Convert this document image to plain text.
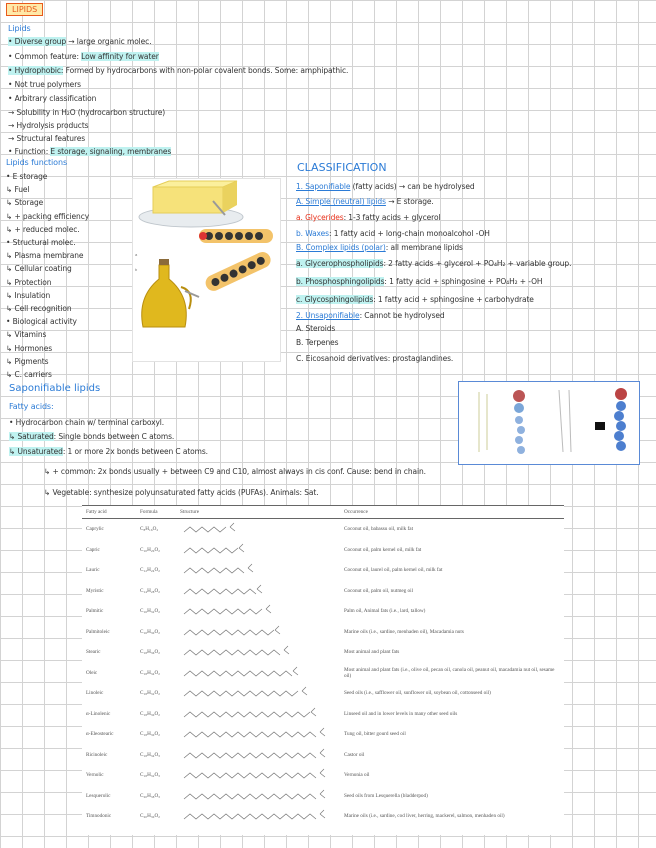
LIPIDS
Lipids
• Diverse group → large organic molec.
• Common feature: Low affinity for water
• Hydrophobic: Formed by hydrocarbons with non-polar covalent bonds. Some: amphipathic.
• Not true polymers
• Arbitrary classification
→ Solubility in H₂O (hydrocarbon structure)
→ Hydrolysis products
→ Structural features
• Function: E storage, signaling, membranes
Lipids functions
• E storage
↳ Fuel
↳ Storage
↳ + packing efficiency
↳ + reduced molec.
• Structural molec.
↳ Plasma membrane
↳ Cellular coating
↳ Protection
↳ Insulation
↳ Cell recognition
• Biological activity
↳ Vitamins
↳ Hormones
↳ Pigments
↳ C. carriers
a
b
CLASSIFICATION
1. Saponifiable (fatty acids) → can be hydrolysed
A. Simple (neutral) lipids → E storage.
a. Glycerides: 1-3 fatty acids + glycerol
b. Waxes: 1 fatty acid + long-chain monoalcohol -OH
B. Complex lipids (polar): all membrane lipids
a. Glycerophospholipids: 2 fatty acids + glycerol + PO₄H₂ + variable group.
b. Phosphosphingolipids: 1 fatty acid + sphingosine + PO₄H₂ + -OH
c. Glycosphingolipids: 1 fatty acid + sphingosine + carbohydrate
2. Unsaponifiable: Cannot be hydrolysed
A. Steroids
B. Terpenes
C. Eicosanoid derivatives: prostaglandines.
Saponifiable lipids
Fatty acids:
• Hydrocarbon chain w/ terminal carboxyl.
↳ Saturated: Single bonds between C atoms.
↳ Unsaturated: 1 or more 2x bonds between C atoms.
↳ + common: 2x bonds usually + between C9 and C10, almost always in cis conf. Cause: bend in chain.
↳ Vegetable: synthesize polyunsaturated fatty acids (PUFAs). Animals: Sat.
Fatty acid	Formula	Structure	Occurrence
Caprylic	C₈H₁₆O₂		Coconut oil, babassu oil, milk fat
Capric	C₁₀H₂₀O₂		Coconut oil, palm kernel oil, milk fat
Lauric	C₁₂H₂₄O₂		Coconut oil, laurel oil, palm kernel oil, milk fat
Myristic	C₁₄H₂₈O₂		Coconut oil, palm oil, nutmeg oil
Palmitic	C₁₆H₃₂O₂		Palm oil, Animal fats (i.e., lard, tallow)
Palmitoleic	C₁₆H₃₀O₂		Marine oils (i.e., sardine, menhaden oil), Macadamia nuts
Stearic	C₁₈H₃₆O₂		Most animal and plant fats
Oleic	C₁₈H₃₄O₂		Most animal and plant fats (i.e., olive oil, pecan oil, canola oil, peanut oil, macadamia nut oil, sesame oil)
Linoleic	C₁₈H₃₂O₂		Seed oils (i.e., safflower oil, sunflower oil, soybean oil, cottonseed oil)
α-Linolenic	C₁₈H₃₀O₂		Linseed oil and in lower levels in many other seed oils
α-Eleostearic	C₁₈H₃₀O₂		Tung oil, bitter gourd seed oil
Ricinoleic	C₁₈H₃₄O₃		Castor oil
Vernolic	C₁₈H₃₂O₃		Vernonia oil
Lesquerolic	C₂₀H₃₈O₃		Seed oils from Lesquerella (bladderpod)
Timnodonic	C₂₀H₃₀O₂		Marine oils (i.e., sardine, cod liver, herring, mackerel, salmon, menhaden oil)
